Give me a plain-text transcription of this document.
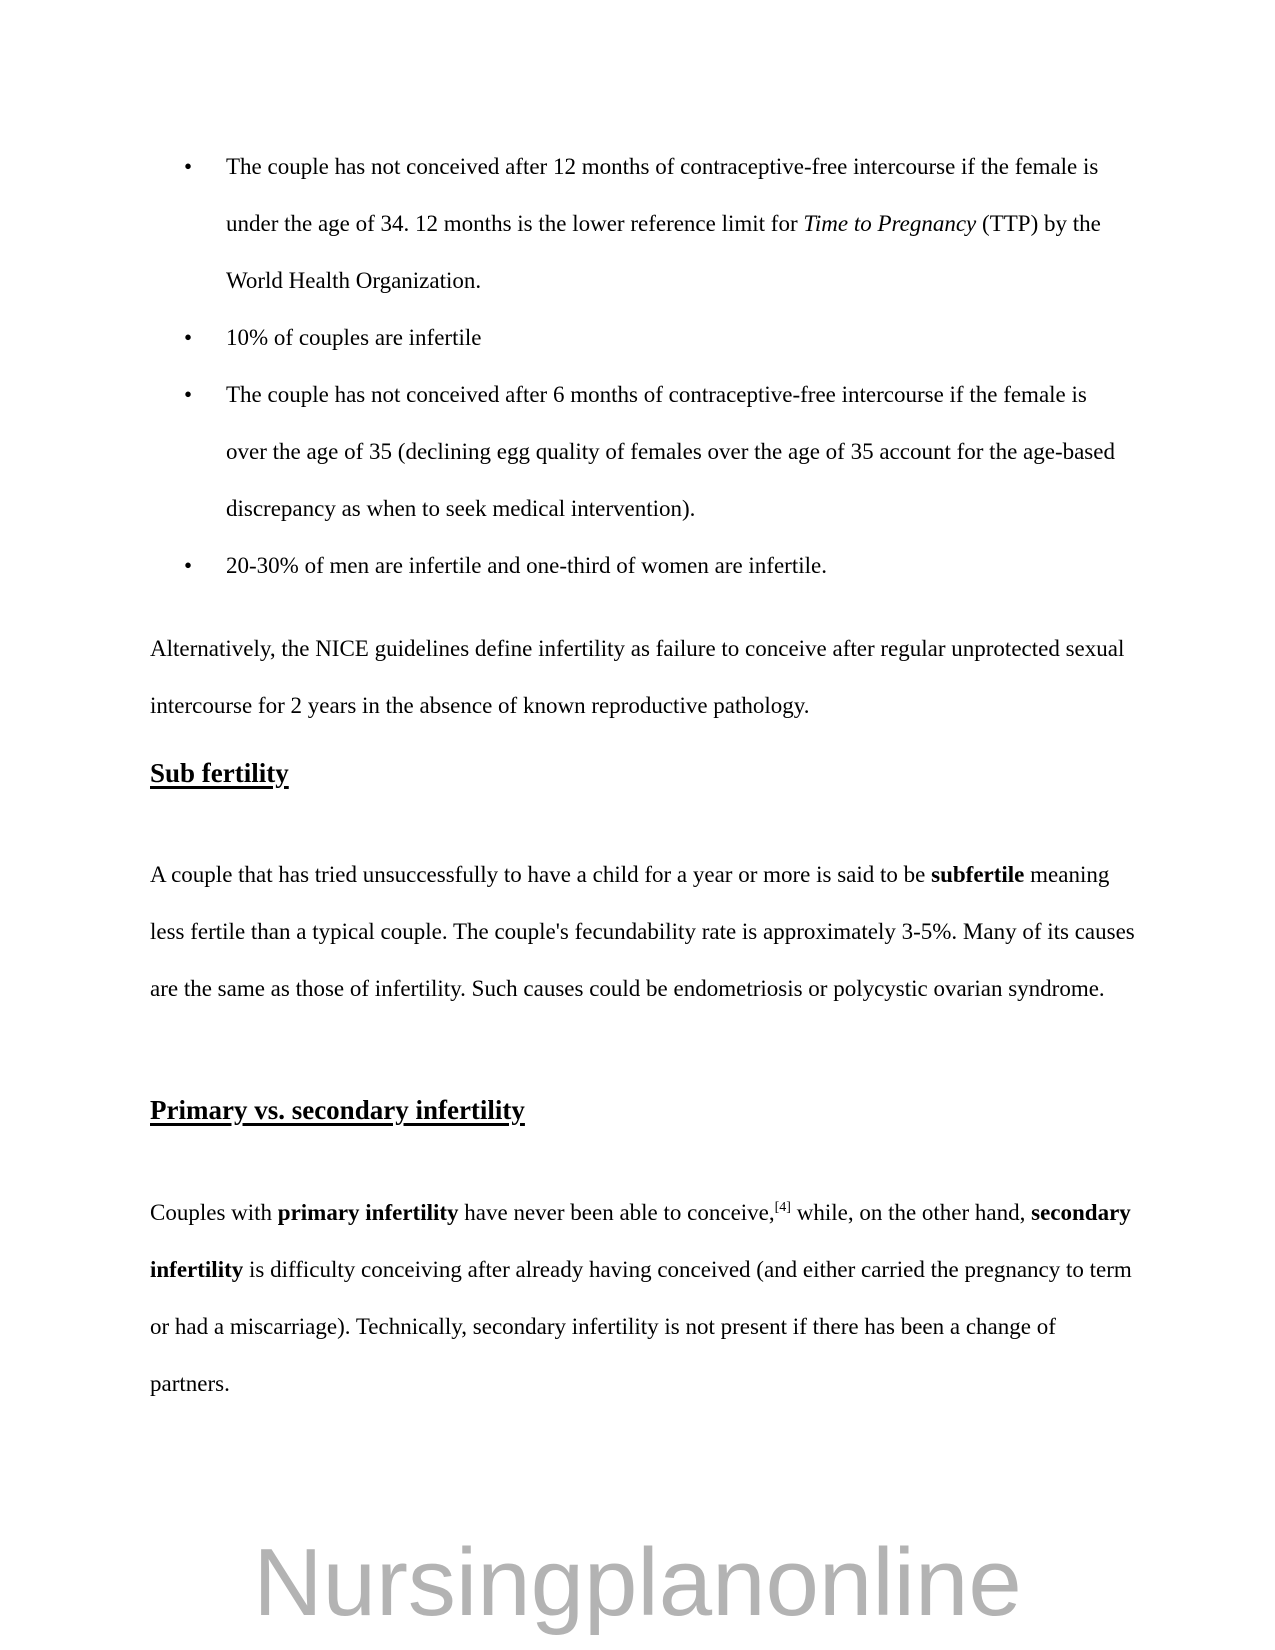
• The couple has not conceived after 12 months of contraceptive-free intercourse if the female is under the age of 34. 12 months is the lower reference limit for Time to Pregnancy (TTP) by the World Health Organization.
• 10% of couples are infertile
• The couple has not conceived after 6 months of contraceptive-free intercourse if the female is over the age of 35 (declining egg quality of females over the age of 35 account for the age-based discrepancy as when to seek medical intervention).
• 20-30% of men are infertile and one-third of women are infertile.

Alternatively, the NICE guidelines define infertility as failure to conceive after regular unprotected sexual intercourse for 2 years in the absence of known reproductive pathology.

Sub fertility

A couple that has tried unsuccessfully to have a child for a year or more is said to be subfertile meaning less fertile than a typical couple. The couple's fecundability rate is approximately 3-5%. Many of its causes are the same as those of infertility. Such causes could be endometriosis or polycystic ovarian syndrome.

Primary vs. secondary infertility

Couples with primary infertility have never been able to conceive,[4] while, on the other hand, secondary infertility is difficulty conceiving after already having conceived (and either carried the pregnancy to term or had a miscarriage). Technically, secondary infertility is not present if there has been a change of partners.

Nursingplanonline
